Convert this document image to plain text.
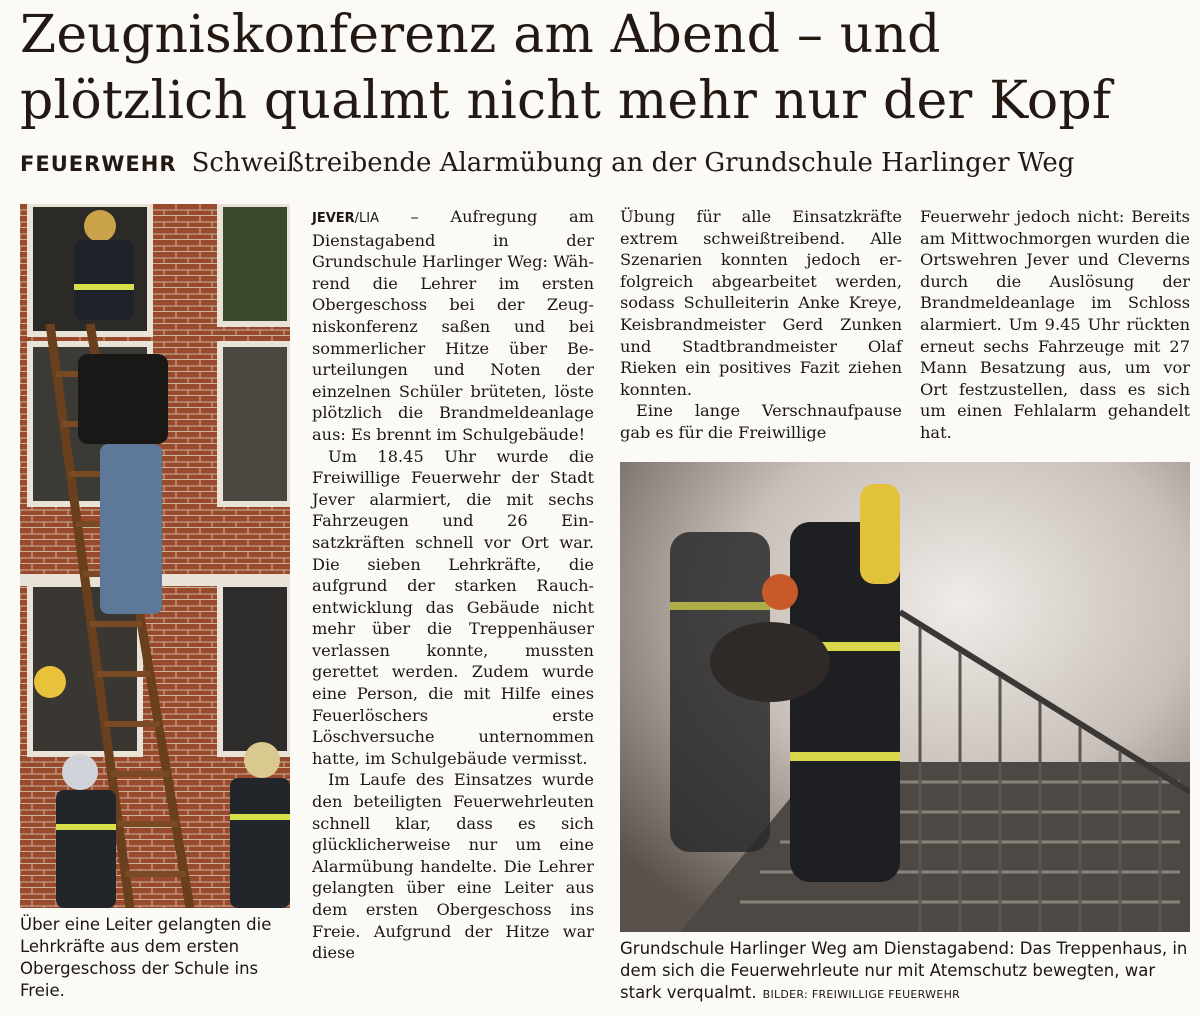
Zeugniskonferenz am Abend – und
plötzlich qualmt nicht mehr nur der Kopf
FEUERWEHR Schweißtreibende Alarmübung an der Grundschule Harlinger Weg
Über eine Leiter gelangten die Lehrkräfte aus dem ersten Obergeschoss der Schule ins Freie.

JEVER/LIA – Aufregung am Dienstagabend in der Grundschule Harlinger Weg: Während die Lehrer im ersten Obergeschoss bei der Zeugniskonferenz saßen und bei sommerlicher Hitze über Beurteilungen und Noten der einzelnen Schüler brüteten, löste plötzlich die Brandmeldeanlage aus: Es brennt im Schulgebäude!

Um 18.45 Uhr wurde die Freiwillige Feuerwehr der Stadt Jever alarmiert, die mit sechs Fahrzeugen und 26 Einsatzkräften schnell vor Ort war. Die sieben Lehrkräfte, die aufgrund der starken Rauchentwicklung das Gebäude nicht mehr über die Treppenhäuser verlassen konnte, mussten gerettet werden. Zudem wurde eine Person, die mit Hilfe eines Feuerlöschers erste Löschversuche unternommen hatte, im Schulgebäude vermisst.

Im Laufe des Einsatzes wurde den beteiligten Feuerwehrleuten schnell klar, dass es sich glücklicherweise nur um eine Alarmübung handelte. Die Lehrer gelangten über eine Leiter aus dem ersten Obergeschoss ins Freie. Aufgrund der Hitze war diese

Übung für alle Einsatzkräfte extrem schweißtreibend. Alle Szenarien konnten jedoch erfolgreich abgearbeitet werden, sodass Schulleiterin Anke Kreye, Keisbrandmeister Gerd Zunken und Stadtbrandmeister Olaf Rieken ein positives Fazit ziehen konnten.

Eine lange Verschnaufpause gab es für die Freiwillige

Feuerwehr jedoch nicht: Bereits am Mittwochmorgen wurden die Ortswehren Jever und Cleverns durch die Auslösung der Brandmeldeanlage im Schloss alarmiert. Um 9.45 Uhr rückten erneut sechs Fahrzeuge mit 27 Mann Besatzung aus, um vor Ort festzustellen, dass es sich um einen Fehlalarm gehandelt hat.

Grundschule Harlinger Weg am Dienstagabend: Das Treppenhaus, in dem sich die Feuerwehrleute nur mit Atemschutz bewegten, war stark verqualmt. BILDER: FREIWILLIGE FEUERWEHR
